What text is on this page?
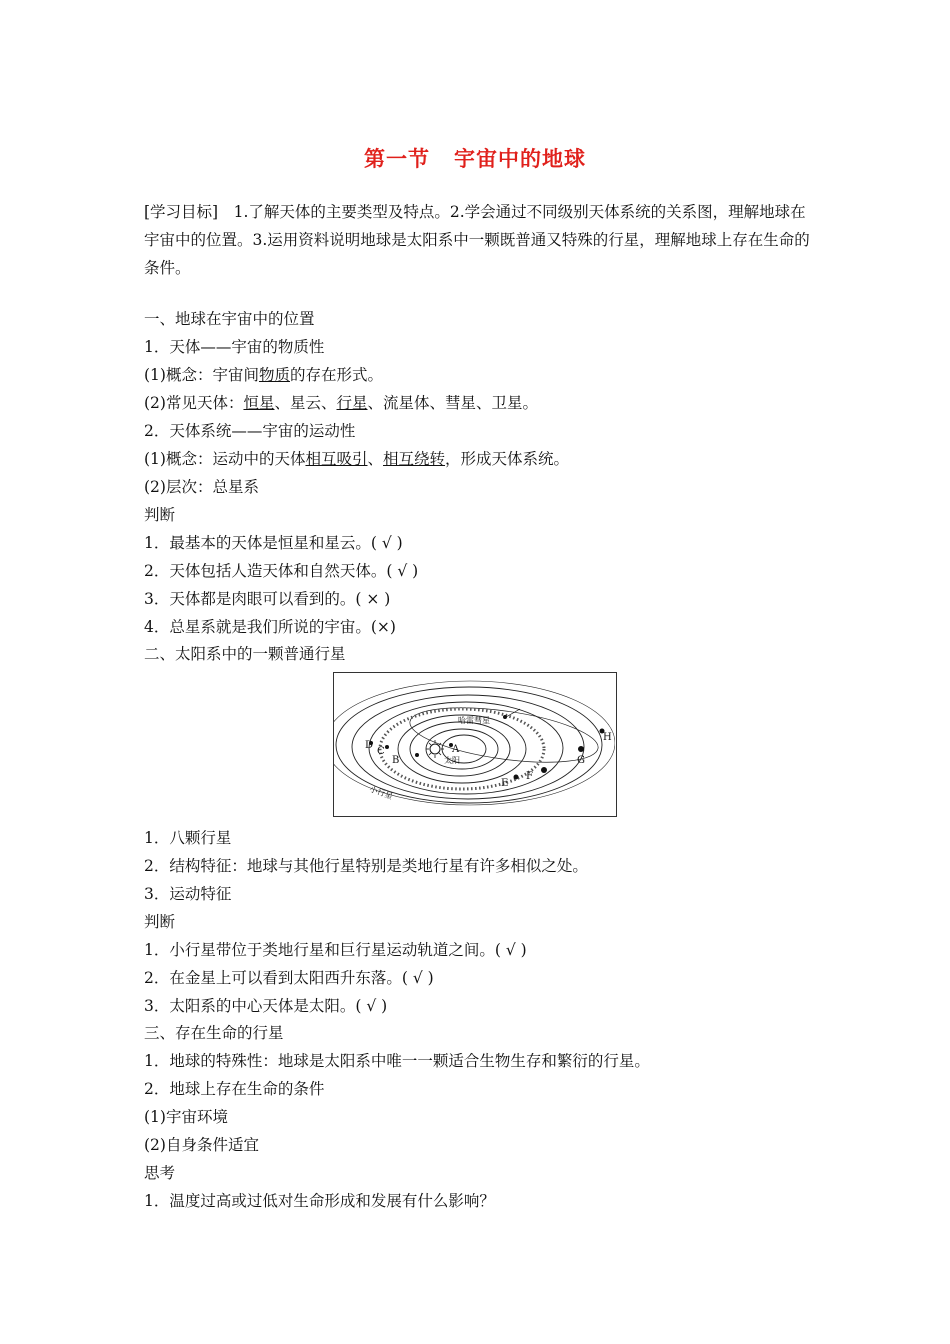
第一节 宇宙中的地球
[学习目标]　1.了解天体的主要类型及特点。2.学会通过不同级别天体系统的关系图，理解地球在宇宙中的位置。3.运用资料说明地球是太阳系中一颗既普通又特殊的行星，理解地球上存在生命的条件。
一、地球在宇宙中的位置
1．天体——宇宙的物质性
(1)概念：宇宙间物质的存在形式。
(2)常见天体：恒星、星云、行星、流星体、彗星、卫星。
2．天体系统——宇宙的运动性
(1)概念：运动中的天体相互吸引、相互绕转，形成天体系统。
(2)层次：总星系
判断
1．最基本的天体是恒星和星云。( √ )
2．天体包括人造天体和自然天体。( √ )
3．天体都是肉眼可以看到的。( × )
4．总星系就是我们所说的宇宙。(×)
二、太阳系中的一颗普通行星
A
B
C
D
E
F
G
H
太阳
哈雷彗星
小行星
1．八颗行星
2．结构特征：地球与其他行星特别是类地行星有许多相似之处。
3．运动特征
判断
1．小行星带位于类地行星和巨行星运动轨道之间。( √ )
2．在金星上可以看到太阳西升东落。( √ )
3．太阳系的中心天体是太阳。( √ )
三、存在生命的行星
1．地球的特殊性：地球是太阳系中唯一一颗适合生物生存和繁衍的行星。
2．地球上存在生命的条件
(1)宇宙环境
(2)自身条件适宜
思考
1．温度过高或过低对生命形成和发展有什么影响？
